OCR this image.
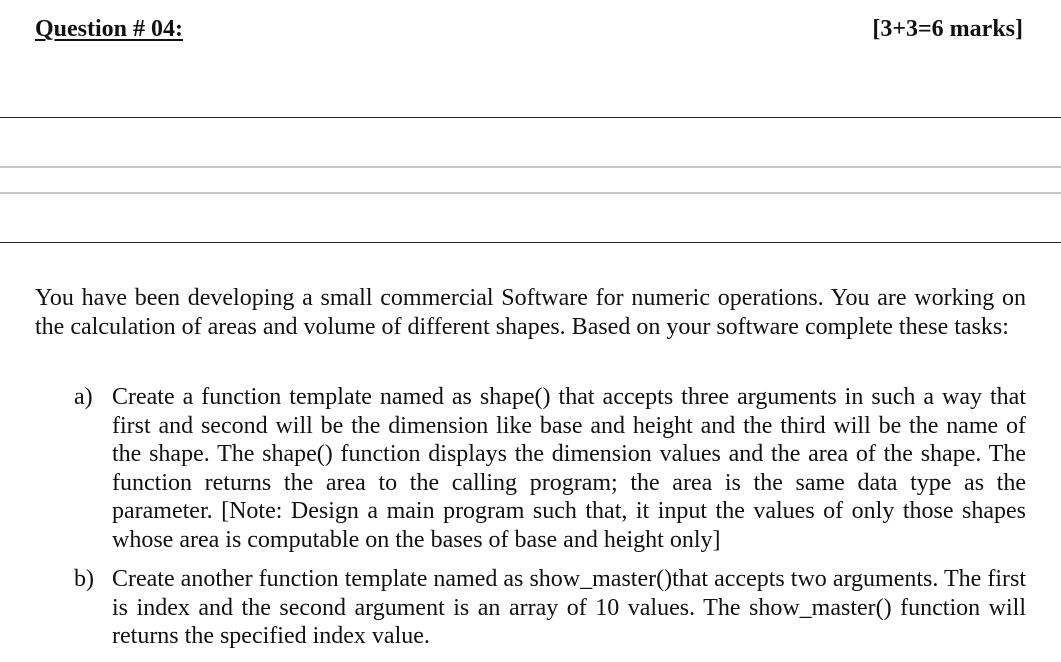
Question # 04:	[3+3=6 marks]

You have been developing a small commercial Software for numeric operations. You are working on the calculation of areas and volume of different shapes. Based on your software complete these tasks:

a) Create a function template named as shape() that accepts three arguments in such a way that first and second will be the dimension like base and height and the third will be the name of the shape. The shape() function displays the dimension values and the area of the shape. The function returns the area to the calling program; the area is the same data type as the parameter. [Note: Design a main program such that, it input the values of only those shapes whose area is computable on the bases of base and height only]

b) Create another function template named as show_master()that accepts two arguments. The first is index and the second argument is an array of 10 values. The show_master() function will returns the specified index value.
